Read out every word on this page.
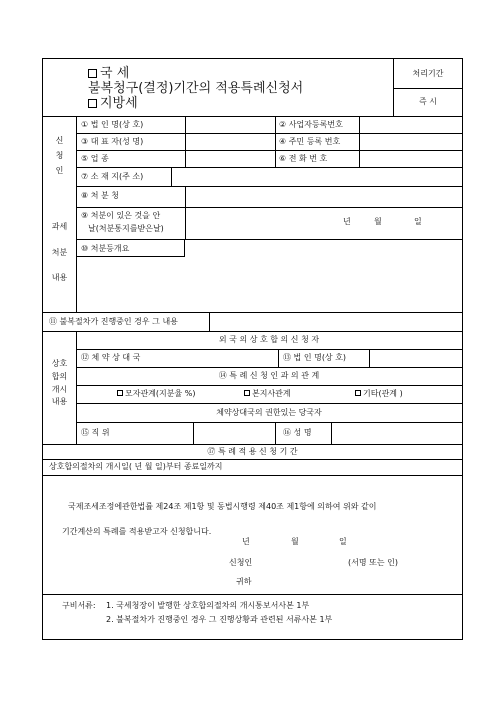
국 세
불복청구(결정)기간의 적용특례신청서
지방세
처리기간
즉 시
신청인
① 법 인 명(상 호)	② 사업자등록번호
③ 대 표 자(성 명)	④ 주민 등록 번호
⑤ 업 종	⑥ 전 화 번 호
⑦ 소 재 지(주 소)
과세처분내용
⑧ 처 분 청
⑨ 처분이 있은 것을 안
날(처분통지를받은날)
년	월	일
⑩ 처분등개요
⑪ 불복절차가 진행중인 경우 그 내용
상호합의개시내용
외 국 의 상 호 합 의 신 청 자
⑫ 체 약 상 대 국	⑬ 법 인 명(상 호)
⑭ 특 례 신 청 인 과 의 관 계
모자관계(지분율 %)	본지사관계	기타(관계 )
체약상대국의 권한있는 당국자
⑮ 직 위	⑯ 성 명
⑰ 특 례 적 용 신 청 기 간
상호합의절차의 개시일( 년 월 일)부터 종료일까지
국제조세조정에관한법률 제24조 제1항 및 동법시행령 제40조 제1항에 의하여 위와 같이
기간계산의 특례를 적용받고자 신청합니다.
년	월	일
신청인	(서명 또는 인)
귀하
구비서류: 1. 국세청장이 발행한 상호합의절차의 개시통보서사본 1부
2. 불복절차가 진행중인 경우 그 진행상황과 관련된 서류사본 1부
